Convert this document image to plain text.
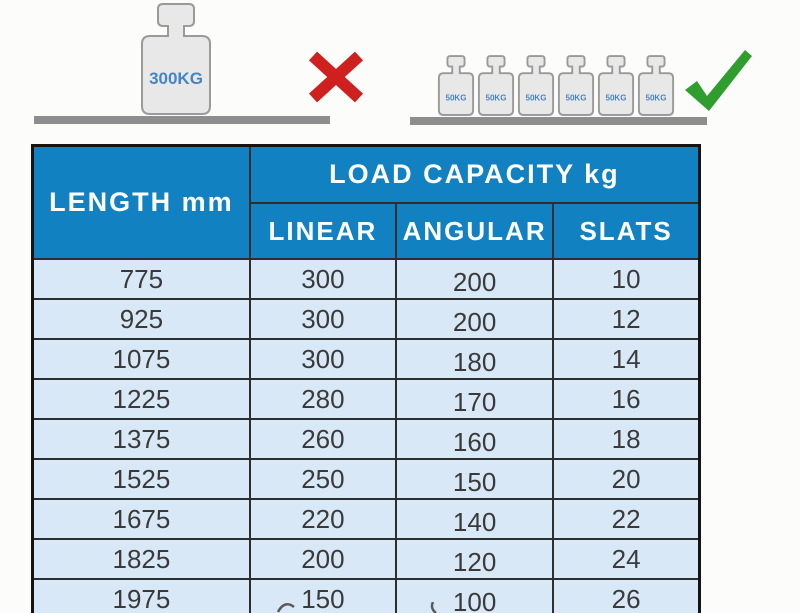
300KG
50KG 50KG 50KG 50KG 50KG 50KG
LENGTH mm	LOAD CAPACITY kg		
	LINEAR	ANGULAR	SLATS
775	300	200	10
925	300	200	12
1075	300	180	14
1225	280	170	16
1375	260	160	18
1525	250	150	20
1675	220	140	22
1825	200	120	24
1975	150	100	26
